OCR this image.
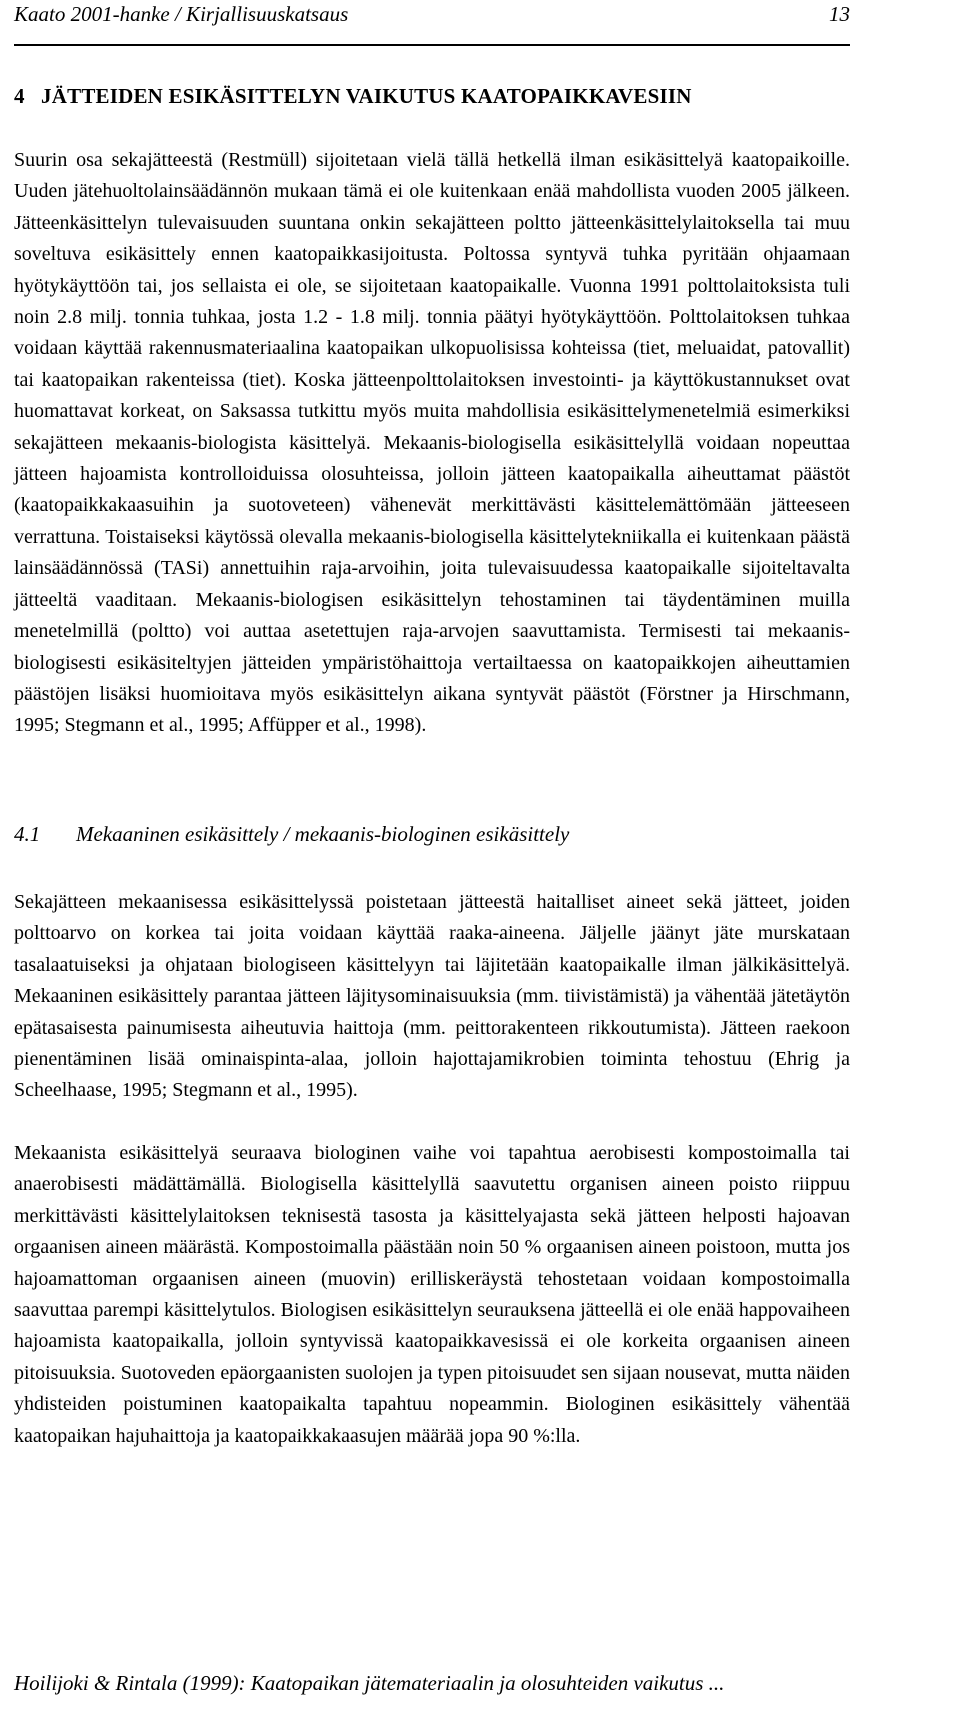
Kaato 2001-hanke / Kirjallisuuskatsaus	13
4   JÄTTEIDEN ESIKÄSITTELYN VAIKUTUS KAATOPAIKKAVESIIN

Suurin osa sekajätteestä (Restmüll) sijoitetaan vielä tällä hetkellä ilman esikäsittelyä kaatopaikoille. Uuden jätehuoltolainsäädännön mukaan tämä ei ole kuitenkaan enää mahdollista vuoden 2005 jälkeen. Jätteenkäsittelyn tulevaisuuden suuntana onkin sekajätteen poltto jätteenkäsittelylaitoksella tai muu soveltuva esikäsittely ennen kaatopaikkasijoitusta. Poltossa syntyvä tuhka pyritään ohjaamaan hyötykäyttöön tai, jos sellaista ei ole, se sijoitetaan kaatopaikalle. Vuonna 1991 polttolaitoksista tuli noin 2.8 milj. tonnia tuhkaa, josta 1.2 - 1.8 milj. tonnia päätyi hyötykäyttöön. Polttolaitoksen tuhkaa voidaan käyttää rakennusmateriaalina kaatopaikan ulkopuolisissa kohteissa (tiet, meluaidat, patovallit) tai kaatopaikan rakenteissa (tiet). Koska jätteenpolttolaitoksen investointi- ja käyttökustannukset ovat huomattavat korkeat, on Saksassa tutkittu myös muita mahdollisia esikäsittelymenetelmiä esimerkiksi sekajätteen mekaanis-biologista käsittelyä. Mekaanis-biologisella esikäsittelyllä voidaan nopeuttaa jätteen hajoamista kontrolloiduissa olosuhteissa, jolloin jätteen kaatopaikalla aiheuttamat päästöt (kaatopaikkakaasuihin ja suotoveteen) vähenevät merkittävästi käsittelemättömään jätteeseen verrattuna. Toistaiseksi käytössä olevalla mekaanis-biologisella käsittelytekniikalla ei kuitenkaan päästä lainsäädännössä (TASi) annettuihin raja-arvoihin, joita tulevaisuudessa kaatopaikalle sijoiteltavalta jätteeltä vaaditaan. Mekaanis-biologisen esikäsittelyn tehostaminen tai täydentäminen muilla menetelmillä (poltto) voi auttaa asetettujen raja-arvojen saavuttamista. Termisesti tai mekaanis-biologisesti esikäsiteltyjen jätteiden ympäristöhaittoja vertailtaessa on kaatopaikkojen aiheuttamien päästöjen lisäksi huomioitava myös esikäsittelyn aikana syntyvät päästöt (Förstner ja Hirschmann, 1995; Stegmann et al., 1995; Affüpper et al., 1998).

4.1 Mekaaninen esikäsittely / mekaanis-biologinen esikäsittely

Sekajätteen mekaanisessa esikäsittelyssä poistetaan jätteestä haitalliset aineet sekä jätteet, joiden polttoarvo on korkea tai joita voidaan käyttää raaka-aineena. Jäljelle jäänyt jäte murskataan tasalaatuiseksi ja ohjataan biologiseen käsittelyyn tai läjitetään kaatopaikalle ilman jälkikäsittelyä. Mekaaninen esikäsittely parantaa jätteen läjitysominaisuuksia (mm. tiivistämistä) ja vähentää jätetäytön epätasaisesta painumisesta aiheutuvia haittoja (mm. peittorakenteen rikkoutumista). Jätteen raekoon pienentäminen lisää ominaispinta-alaa, jolloin hajottajamikrobien toiminta tehostuu (Ehrig ja Scheelhaase, 1995; Stegmann et al., 1995).

Mekaanista esikäsittelyä seuraava biologinen vaihe voi tapahtua aerobisesti kompostoimalla tai anaerobisesti mädättämällä. Biologisella käsittelyllä saavutettu organisen aineen poisto riippuu merkittävästi käsittelylaitoksen teknisestä tasosta ja käsittelyajasta sekä jätteen helposti hajoavan orgaanisen aineen määrästä. Kompostoimalla päästään noin 50 % orgaanisen aineen poistoon, mutta jos hajoamattoman orgaanisen aineen (muovin) erilliskeräystä tehostetaan voidaan kompostoimalla saavuttaa parempi käsittelytulos. Biologisen esikäsittelyn seurauksena jätteellä ei ole enää happovaiheen hajoamista kaatopaikalla, jolloin syntyvissä kaatopaikkavesissä ei ole korkeita orgaanisen aineen pitoisuuksia. Suotoveden epäorgaanisten suolojen ja typen pitoisuudet sen sijaan nousevat, mutta näiden yhdisteiden poistuminen kaatopaikalta tapahtuu nopeammin. Biologinen esikäsittely vähentää kaatopaikan hajuhaittoja ja kaatopaikkakaasujen määrää jopa 90 %:lla.

Hoilijoki & Rintala (1999): Kaatopaikan jätemateriaalin ja olosuhteiden vaikutus ...
